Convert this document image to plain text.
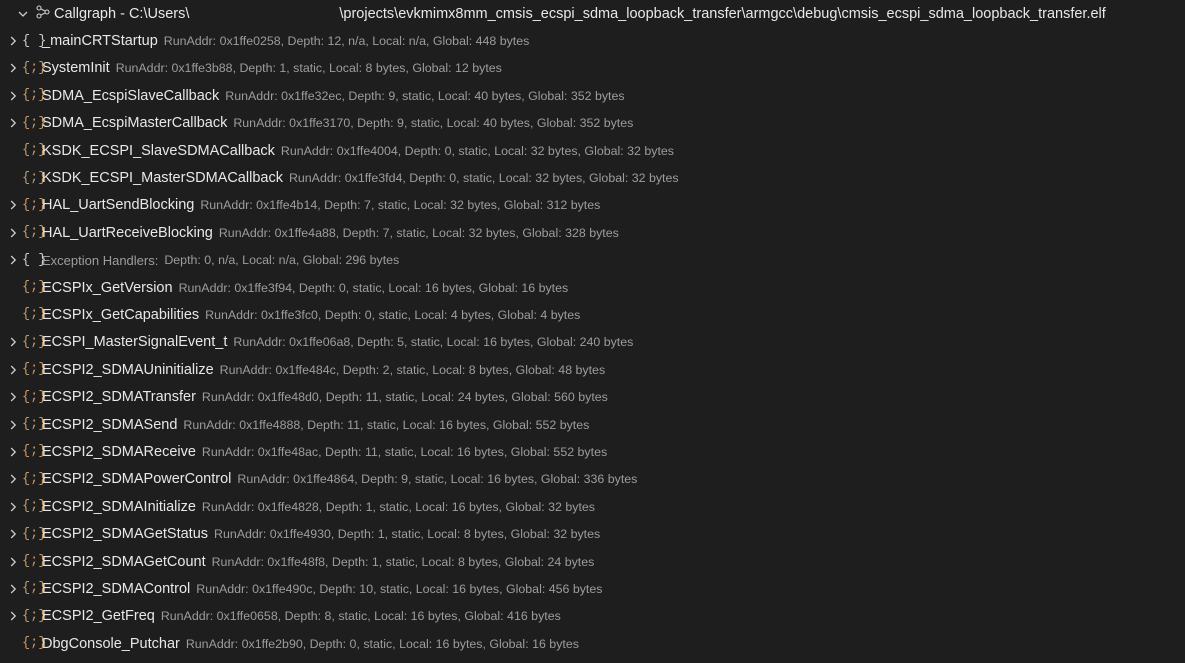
Callgraph - C:\Users\	\projects\evkmimx8mm_cmsis_ecspi_sdma_loopback_transfer\armgcc\debug\cmsis_ecspi_sdma_loopback_transfer.elf
{ }
_mainCRTStartup RunAddr: 0x1ffe0258, Depth: 12, n/a, Local: n/a, Global: 448 bytes
{;}
SystemInit RunAddr: 0x1ffe3b88, Depth: 1, static, Local: 8 bytes, Global: 12 bytes
{;}
SDMA_EcspiSlaveCallback RunAddr: 0x1ffe32ec, Depth: 9, static, Local: 40 bytes, Global: 352 bytes
{;}
SDMA_EcspiMasterCallback RunAddr: 0x1ffe3170, Depth: 9, static, Local: 40 bytes, Global: 352 bytes
{;}
KSDK_ECSPI_SlaveSDMACallback RunAddr: 0x1ffe4004, Depth: 0, static, Local: 32 bytes, Global: 32 bytes
{;}
KSDK_ECSPI_MasterSDMACallback RunAddr: 0x1ffe3fd4, Depth: 0, static, Local: 32 bytes, Global: 32 bytes
{;}
HAL_UartSendBlocking RunAddr: 0x1ffe4b14, Depth: 7, static, Local: 32 bytes, Global: 312 bytes
{;}
HAL_UartReceiveBlocking RunAddr: 0x1ffe4a88, Depth: 7, static, Local: 32 bytes, Global: 328 bytes
{ }
Exception Handlers: Depth: 0, n/a, Local: n/a, Global: 296 bytes
{;}
ECSPIx_GetVersion RunAddr: 0x1ffe3f94, Depth: 0, static, Local: 16 bytes, Global: 16 bytes
{;}
ECSPIx_GetCapabilities RunAddr: 0x1ffe3fc0, Depth: 0, static, Local: 4 bytes, Global: 4 bytes
{;}
ECSPI_MasterSignalEvent_t RunAddr: 0x1ffe06a8, Depth: 5, static, Local: 16 bytes, Global: 240 bytes
{;}
ECSPI2_SDMAUninitialize RunAddr: 0x1ffe484c, Depth: 2, static, Local: 8 bytes, Global: 48 bytes
{;}
ECSPI2_SDMATransfer RunAddr: 0x1ffe48d0, Depth: 11, static, Local: 24 bytes, Global: 560 bytes
{;}
ECSPI2_SDMASend RunAddr: 0x1ffe4888, Depth: 11, static, Local: 16 bytes, Global: 552 bytes
{;}
ECSPI2_SDMAReceive RunAddr: 0x1ffe48ac, Depth: 11, static, Local: 16 bytes, Global: 552 bytes
{;}
ECSPI2_SDMAPowerControl RunAddr: 0x1ffe4864, Depth: 9, static, Local: 16 bytes, Global: 336 bytes
{;}
ECSPI2_SDMAInitialize RunAddr: 0x1ffe4828, Depth: 1, static, Local: 16 bytes, Global: 32 bytes
{;}
ECSPI2_SDMAGetStatus RunAddr: 0x1ffe4930, Depth: 1, static, Local: 8 bytes, Global: 32 bytes
{;}
ECSPI2_SDMAGetCount RunAddr: 0x1ffe48f8, Depth: 1, static, Local: 8 bytes, Global: 24 bytes
{;}
ECSPI2_SDMAControl RunAddr: 0x1ffe490c, Depth: 10, static, Local: 16 bytes, Global: 456 bytes
{;}
ECSPI2_GetFreq RunAddr: 0x1ffe0658, Depth: 8, static, Local: 16 bytes, Global: 416 bytes
{;}
DbgConsole_Putchar RunAddr: 0x1ffe2b90, Depth: 0, static, Local: 16 bytes, Global: 16 bytes
